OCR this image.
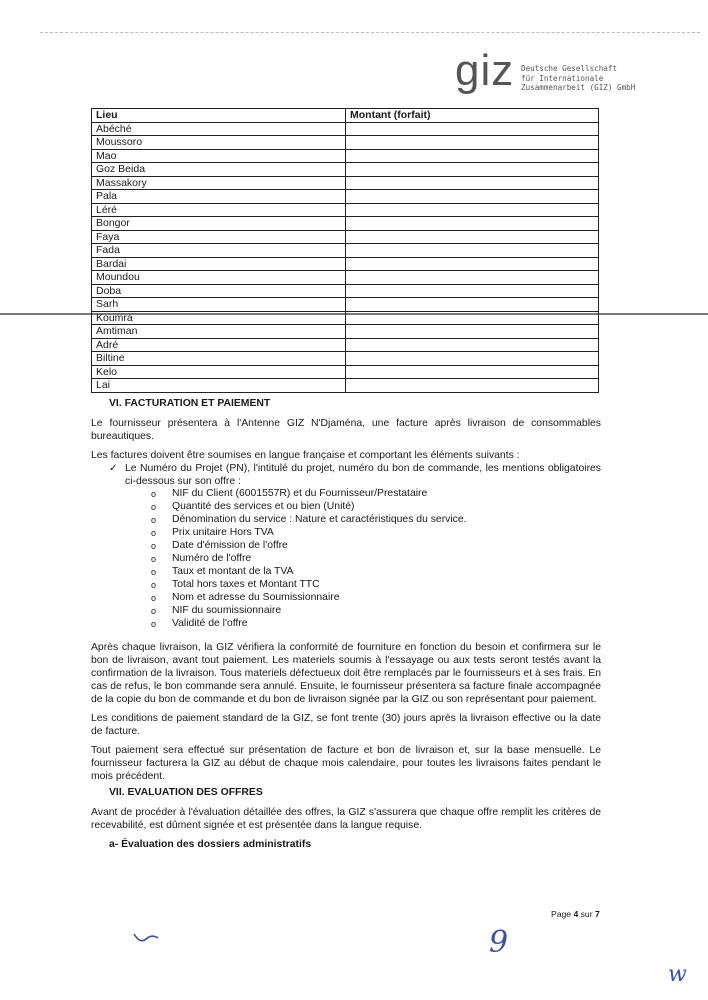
giz Deutsche Gesellschaft
für Internationale
Zusammenarbeit (GIZ) GmbH
Lieu	Montant (forfait)
Abéché	
Moussoro	
Mao	
Goz Beida	
Massakory	
Pala	
Léré	
Bongor	
Faya	
Fada	
Bardai	
Moundou	
Doba	
Sarh	
Koumra	
Amtiman	
Adré	
Biltine	
Kelo	
Lai	
VI. FACTURATION ET PAIEMENT

Le fournisseur présentera à l'Antenne GIZ N'Djaména, une facture après livraison de consommables bureautiques.

Les factures doivent être soumises en langue française et comportant les éléments suivants :

✓ Le Numéro du Projet (PN), l'intitulé du projet, numéro du bon de commande, les mentions obligatoires ci-dessous sur son offre :
o	NIF du Client (6001557R) et du Fournisseur/Prestataire
o	Quantité des services et ou bien (Unité)
o	Dénomination du service : Nature et caractéristiques du service.
o	Prix unitaire Hors TVA
o	Date d'émission de l'offre
o	Numéro de l'offre
o	Taux et montant de la TVA
o	Total hors taxes et Montant TTC
o	Nom et adresse du Soumissionnaire
o	NIF du soumissionnaire
o	Validité de l'offre

Après chaque livraison, la GIZ vérifiera la conformité de fourniture en fonction du besoin et confirmera sur le bon de livraison, avant tout paiement. Les materiels soumis à l'essayage ou aux tests seront testés avant la confirmation de la livraison. Tous materiels défectueux doit être remplacés par le fournisseurs et à ses frais. En cas de refus, le bon commande sera annulé. Ensuite, le fournisseur présentera sa facture finale accompagnée de la copie du bon de commande et du bon de livraison signée par la GIZ ou son représentant pour paiement.

Les conditions de paiement standard de la GIZ, se font trente (30) jours après la livraison effective ou la date de facture.

Tout paiement sera effectué sur présentation de facture et bon de livraison et, sur la base mensuelle. Le fournisseur facturera la GIZ au début de chaque mois calendaire, pour toutes les livraisons faites pendant le mois précédent.

VII. EVALUATION DES OFFRES

Avant de procéder à l'évaluation détaillée des offres, la GIZ s'assurera que chaque offre remplit les critères de recevabilité, est dûment signée et est présentée dans la langue requise.

a- Évaluation des dossiers administratifs
Page 4 sur 7
9
w
